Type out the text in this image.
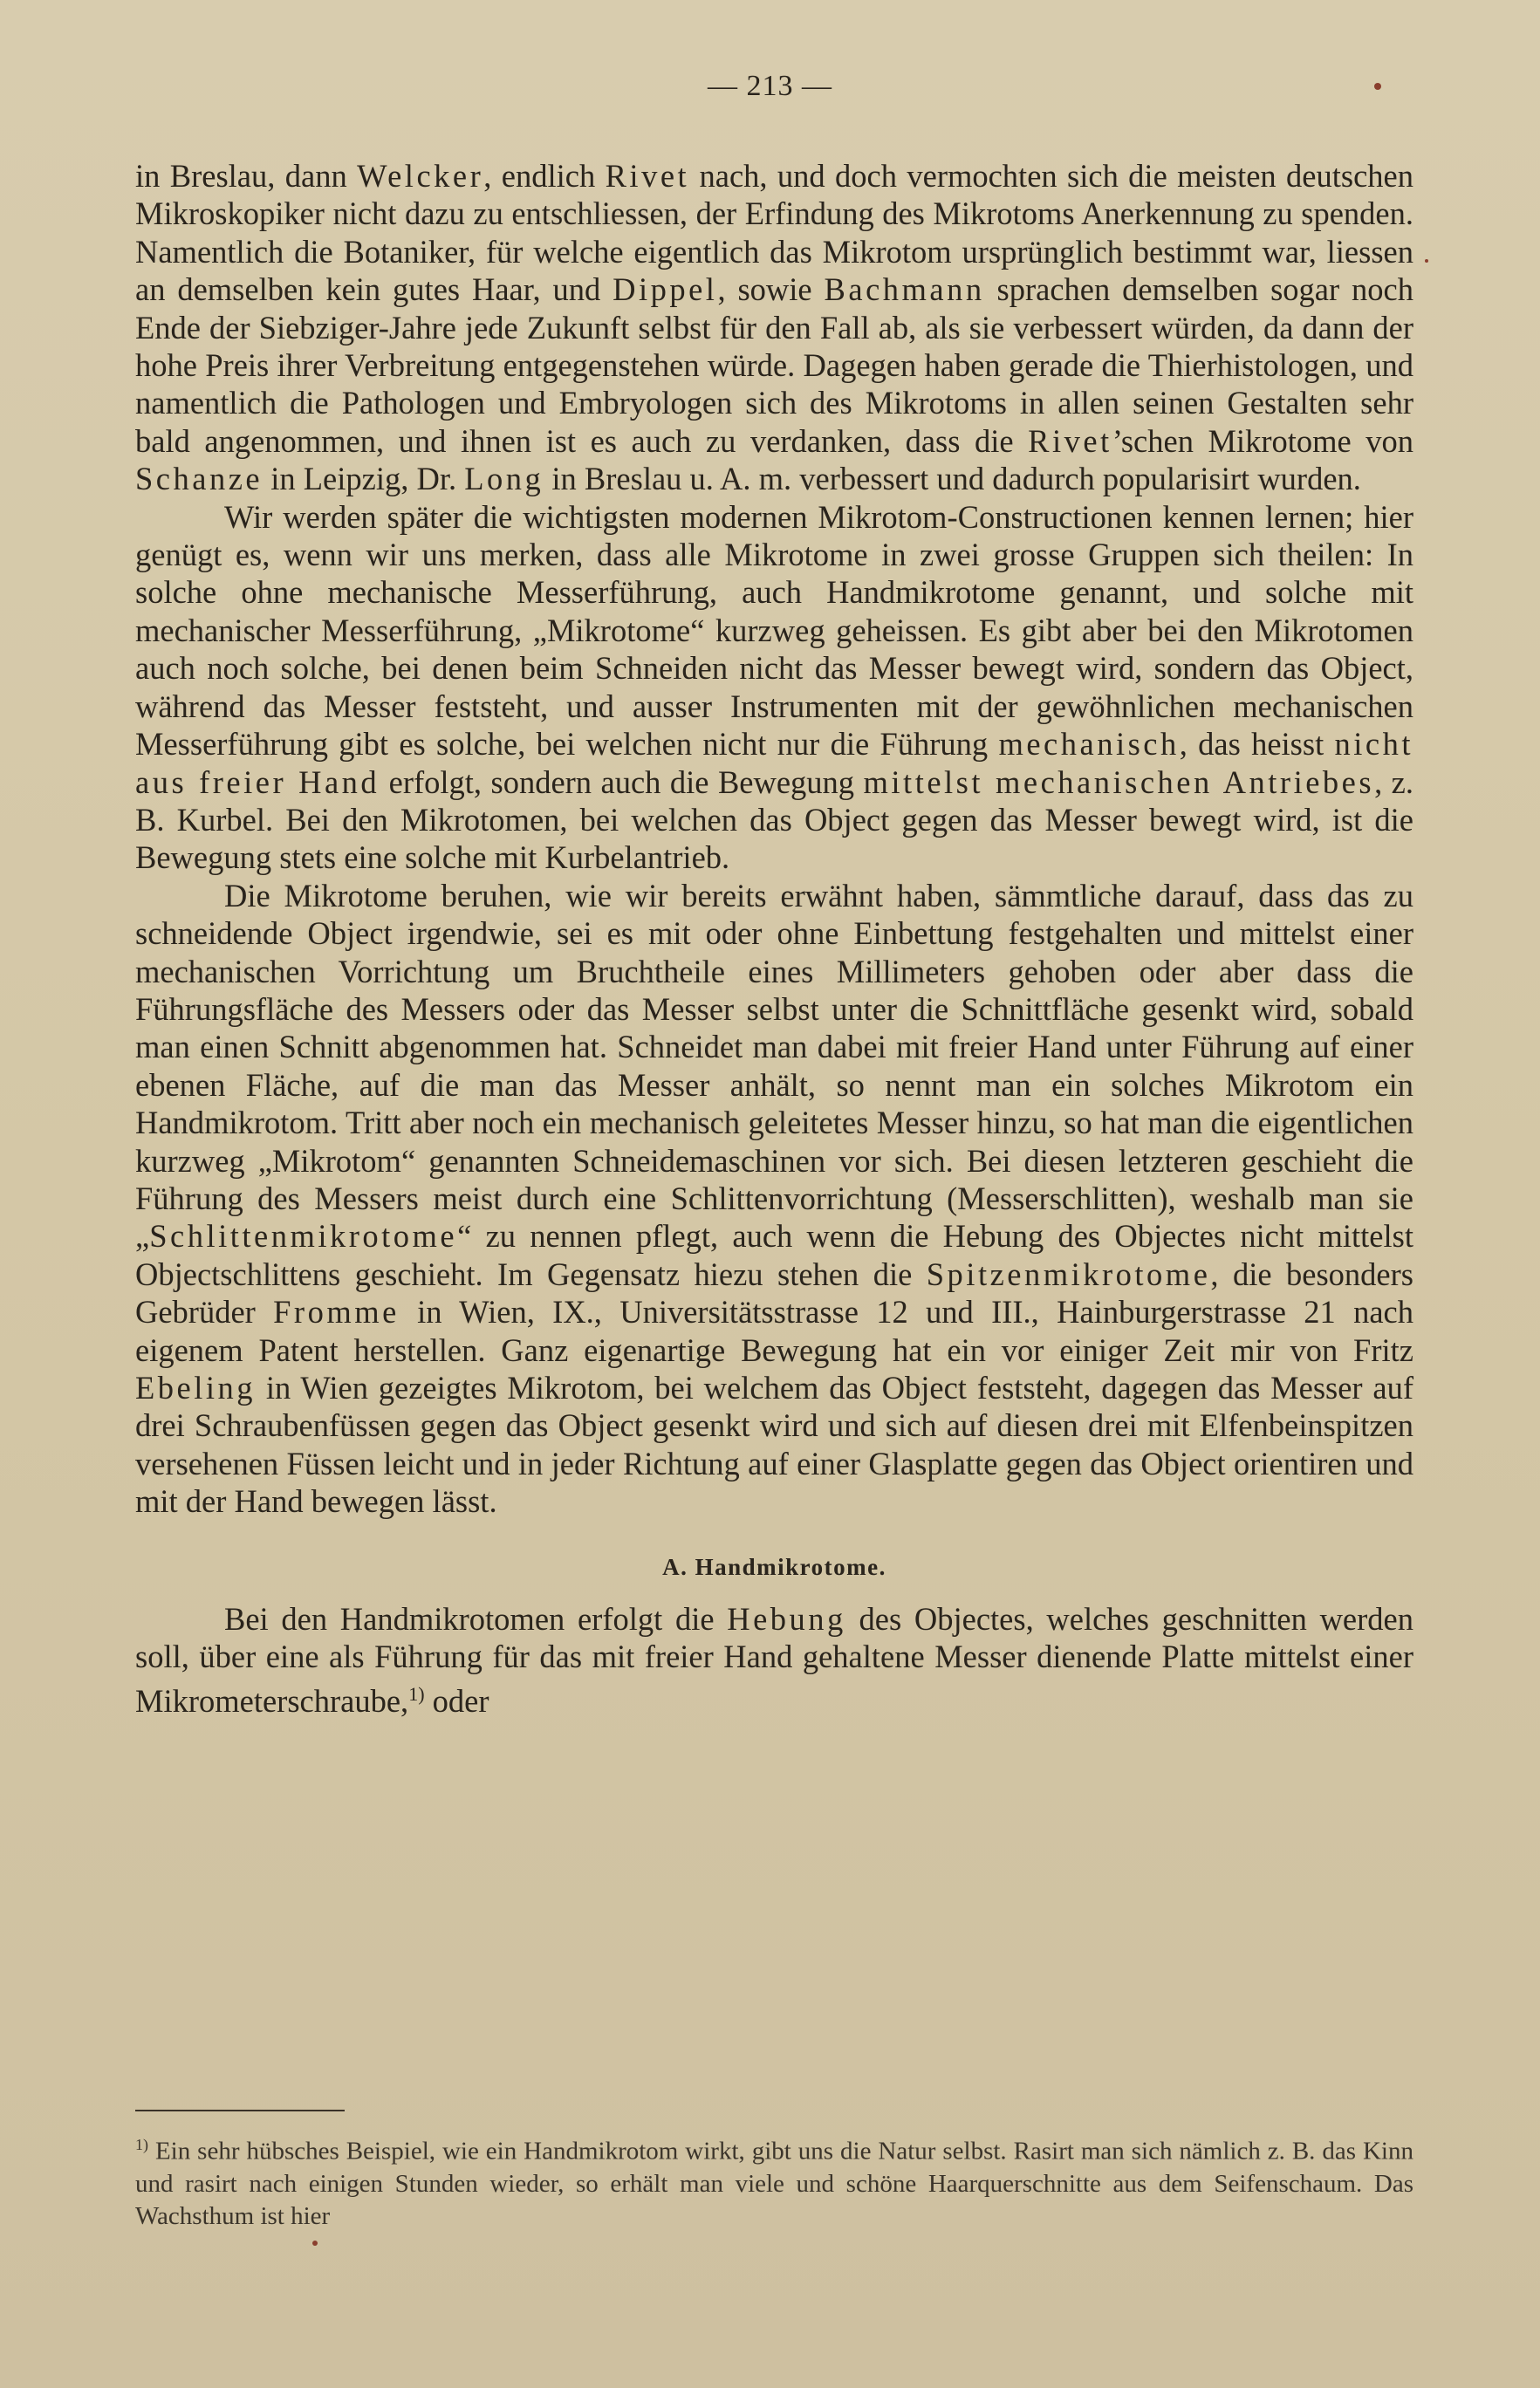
— 213 —

in Breslau, dann Welcker, endlich Rivet nach, und doch vermochten sich die meisten deutschen Mikroskopiker nicht dazu zu entschliessen, der Erfindung des Mikrotoms Anerkennung zu spenden. Namentlich die Botaniker, für welche eigentlich das Mikrotom ursprünglich bestimmt war, liessen an demselben kein gutes Haar, und Dippel, sowie Bachmann sprachen demselben sogar noch Ende der Siebziger-Jahre jede Zukunft selbst für den Fall ab, als sie verbessert würden, da dann der hohe Preis ihrer Verbreitung entgegenstehen würde. Dagegen haben gerade die Thierhistologen, und namentlich die Pathologen und Embryologen sich des Mikrotoms in allen seinen Gestalten sehr bald angenommen, und ihnen ist es auch zu verdanken, dass die Rivet’schen Mikrotome von Schanze in Leipzig, Dr. Long in Breslau u. A. m. verbessert und dadurch popularisirt wurden.

Wir werden später die wichtigsten modernen Mikrotom-Constructionen kennen lernen; hier genügt es, wenn wir uns merken, dass alle Mikrotome in zwei grosse Gruppen sich theilen: In solche ohne mechanische Messerführung, auch Handmikrotome genannt, und solche mit mechanischer Messerführung, „Mikrotome“ kurzweg geheissen. Es gibt aber bei den Mikrotomen auch noch solche, bei denen beim Schneiden nicht das Messer bewegt wird, sondern das Object, während das Messer feststeht, und ausser Instrumenten mit der gewöhnlichen mechanischen Messerführung gibt es solche, bei welchen nicht nur die Führung mechanisch, das heisst nicht aus freier Hand erfolgt, sondern auch die Bewegung mittelst mechanischen Antriebes, z. B. Kurbel. Bei den Mikrotomen, bei welchen das Object gegen das Messer bewegt wird, ist die Bewegung stets eine solche mit Kurbelantrieb.

Die Mikrotome beruhen, wie wir bereits erwähnt haben, sämmtliche darauf, dass das zu schneidende Object irgendwie, sei es mit oder ohne Einbettung festgehalten und mittelst einer mechanischen Vorrichtung um Bruchtheile eines Millimeters gehoben oder aber dass die Führungsfläche des Messers oder das Messer selbst unter die Schnittfläche gesenkt wird, sobald man einen Schnitt abgenommen hat. Schneidet man dabei mit freier Hand unter Führung auf einer ebenen Fläche, auf die man das Messer anhält, so nennt man ein solches Mikrotom ein Handmikrotom. Tritt aber noch ein mechanisch geleitetes Messer hinzu, so hat man die eigentlichen kurzweg „Mikrotom“ genannten Schneidemaschinen vor sich. Bei diesen letzteren geschieht die Führung des Messers meist durch eine Schlittenvorrichtung (Messerschlitten), weshalb man sie „Schlittenmikrotome“ zu nennen pflegt, auch wenn die Hebung des Objectes nicht mittelst Objectschlittens geschieht. Im Gegensatz hiezu stehen die Spitzenmikrotome, die besonders Gebrüder Fromme in Wien, IX., Universitätsstrasse 12 und III., Hainburgerstrasse 21 nach eigenem Patent herstellen. Ganz eigenartige Bewegung hat ein vor einiger Zeit mir von Fritz Ebeling in Wien gezeigtes Mikrotom, bei welchem das Object feststeht, dagegen das Messer auf drei Schraubenfüssen gegen das Object gesenkt wird und sich auf diesen drei mit Elfenbeinspitzen versehenen Füssen leicht und in jeder Richtung auf einer Glasplatte gegen das Object orientiren und mit der Hand bewegen lässt.

A. Handmikrotome.

Bei den Handmikrotomen erfolgt die Hebung des Objectes, welches geschnitten werden soll, über eine als Führung für das mit freier Hand gehaltene Messer dienende Platte mittelst einer Mikrometerschraube,$^{1)}$ oder

$^{1)}$ Ein sehr hübsches Beispiel, wie ein Handmikrotom wirkt, gibt uns die Natur selbst. Rasirt man sich nämlich z. B. das Kinn und rasirt nach einigen Stunden wieder, so erhält man viele und schöne Haarquerschnitte aus dem Seifenschaum. Das Wachsthum ist hier
